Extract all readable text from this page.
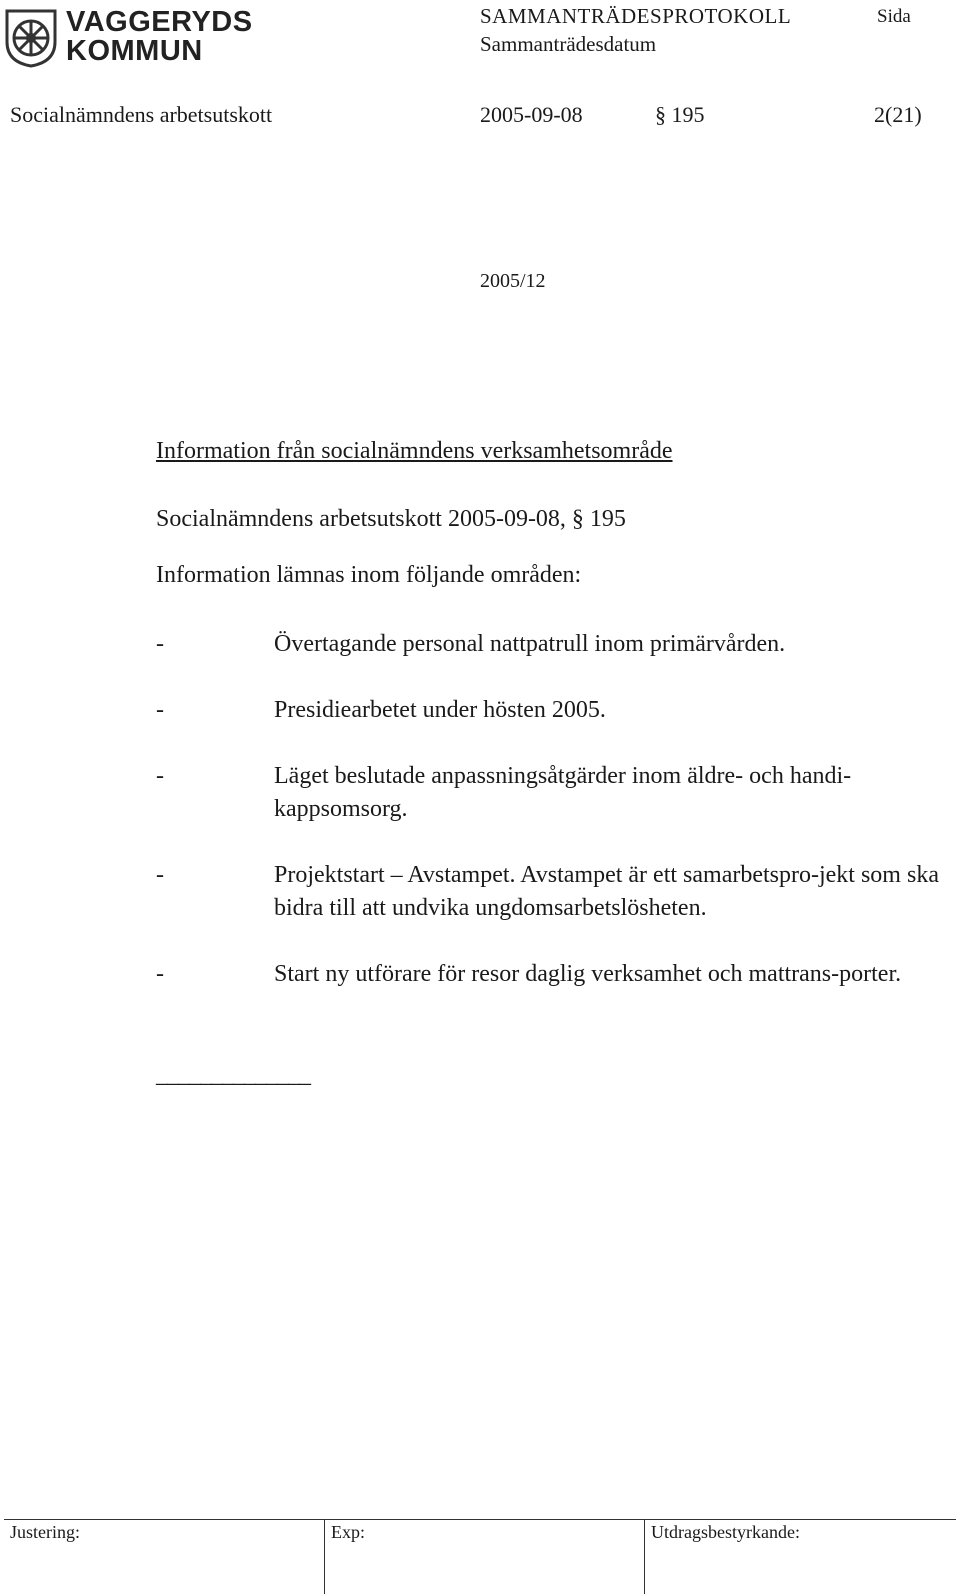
VAGGERYDS
KOMMUN
SAMMANTRÄDESPROTOKOLL
Sammanträdesdatum
Sida
Socialnämndens arbetsutskott	2005-09-08	§ 195	2(21)
2005/12
Information från socialnämndens verksamhetsområde
Socialnämndens arbetsutskott 2005-09-08, § 195
Information lämnas inom följande områden:
-	Övertagande personal nattpatrull inom primärvården.
-	Presidiearbetet under hösten 2005.
-	Läget beslutade anpassningsåtgärder inom äldre- och handi-kappsomsorg.
-	Projektstart – Avstampet. Avstampet är ett samarbetspro-jekt som ska bidra till att undvika ungdomsarbetslösheten.
-	Start ny utförare för resor daglig verksamhet och mattrans-porter.
______________
Justering:	Exp:	Utdragsbestyrkande:
